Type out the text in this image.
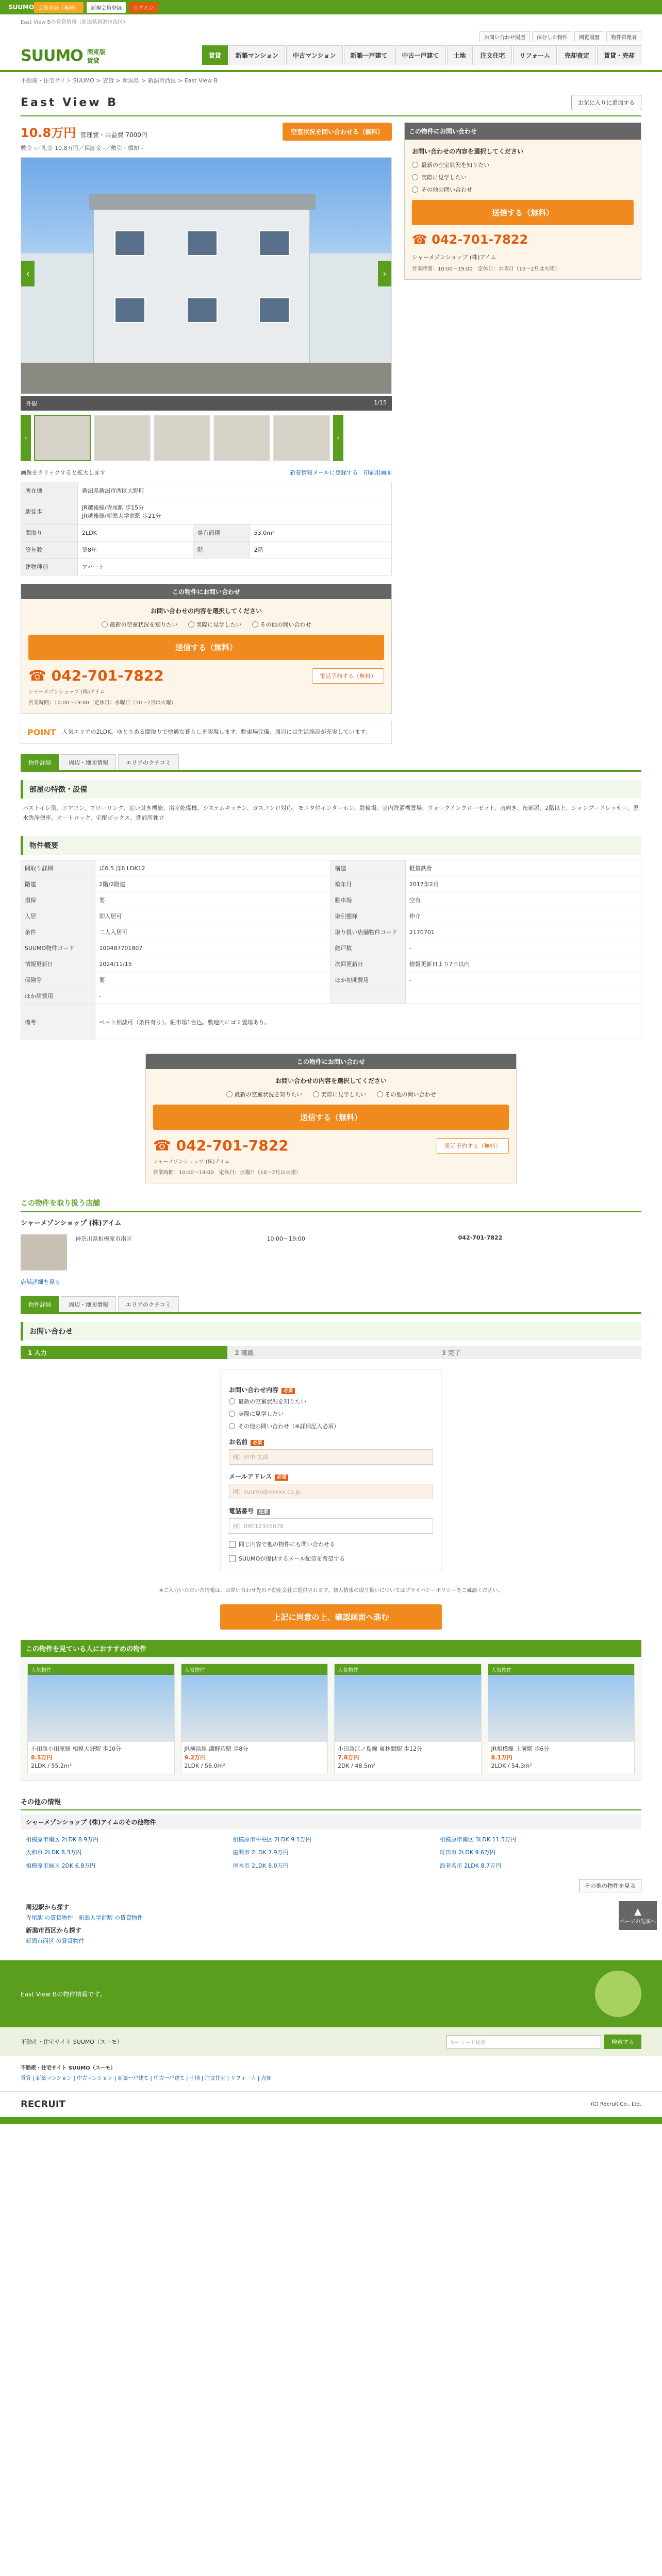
SUUMO 会員登録（無料）	新規会員登録	ログイン
East View Bの賃貸情報（新潟県新潟市西区）
SUUMO 関東版
賃貸
お問い合わせ履歴	保存した物件	閲覧履歴	物件管理者
賃貸	新築マンション	中古マンション	新築一戸建て	中古一戸建て	土地	注文住宅	リフォーム	売却査定	賃貸・売却
不動産・住宅サイト SUUMO > 賃貸 > 新潟県 > 新潟市西区 > East View B
East View B	お気に入りに追加する
10.8万円 管理費・共益費 7000円	空室状況を問い合わせる（無料）
敷金 -／礼金 10.8万円／保証金 -／敷引・償却 -
‹	›
外観	1/15
‹	›
画像をクリックすると拡大します	新着情報メールに登録する　 印刷用画面
所在地	新潟県新潟市西区大野町		
駅徒歩	JR越後線/寺尾駅 歩15分
JR越後線/新潟大学前駅 歩21分		

間取り	2LDK	専有面積	53.0m²
築年数	築8年	階	2階
建物種別	アパート		
この物件にお問い合わせ
お問い合わせの内容を選択してください
最新の空室状況を知りたい	実際に見学したい	その他の問い合わせ
送信する（無料）
☎ 042-701-7822	電話予約する（無料）
シャーメゾンショップ (株)アイム
営業時間：10:00〜19:00　定休日：水曜日（10〜2月は火曜）
POINT 人気エリアの2LDK。ゆとりある間取りで快適な暮らしを実現します。駐車場完備、周辺には生活施設が充実しています。
この物件にお問い合わせ
お問い合わせの内容を選択してください
最新の空室状況を知りたい
実際に見学したい
その他の問い合わせ
送信する（無料）
☎ 042-701-7822
シャーメゾンショップ (株)アイム
営業時間：10:00〜19:00　定休日：水曜日（10〜2月は火曜）
物件詳細	周辺・地図情報	エリアのクチコミ
部屋の特徴・設備
バストイレ別、エアコン、フローリング、追い焚き機能、浴室乾燥機、システムキッチン、ガスコンロ対応、モニタ付インターホン、駐輪場、室内洗濯機置場、ウォークインクローゼット、南向き、角部屋、2階以上、シャンプードレッサー、温水洗浄便座、オートロック、宅配ボックス、洗面所独立
物件概要
間取り詳細	洋6.5 洋6 LDK12	構造	軽量鉄骨
階建	2階/2階建	築年月	2017年2月
損保	要	駐車場	空有
入居	即入居可	取引態様	仲介
条件	二人入居可	取り扱い店舗物件コード	2170701
SUUMO物件コード	100487701807	総戸数	-
情報更新日	2024/11/15	次回更新日	情報更新日より7日以内
保険等	要	ほか初期費用	-
ほか諸費用	-		
備考	ペット相談可（条件有り）。駐車場1台込。敷地内にゴミ置場あり。		
この物件にお問い合わせ
お問い合わせの内容を選択してください
最新の空室状況を知りたい	実際に見学したい	その他の問い合わせ
送信する（無料）
☎ 042-701-7822	電話予約する（無料）
シャーメゾンショップ (株)アイム
営業時間：10:00〜19:00　定休日：水曜日（10〜2月は火曜）
この物件を取り扱う店舗
シャーメゾンショップ (株)アイム
神奈川県相模原市南区	10:00〜19:00	042-701-7822
店舗詳細を見る
物件詳細	周辺・地図情報	エリアのクチコミ
お問い合わせ
1 入力	2 確認	3 完了
お問い合わせ内容 必須
最新の空室状況を知りたい
実際に見学したい
その他の問い合わせ（※詳細記入必須）
お名前 必須
例）田中 太郎
メールアドレス 必須
例）suumo@xxxxx.co.jp
電話番号 任意
例）09012345678
同じ内容で他の物件にも問い合わせる
SUUMOが提供するメール配信を希望する
※ご入力いただいた情報は、お問い合わせ先の不動産会社に提供されます。個人情報の取り扱いについてはプライバシーポリシーをご確認ください。
上記に同意の上、確認画面へ進む
この物件を見ている人におすすめの物件
人気物件
小田急小田原線 相模大野駅 歩10分
8.5万円
2LDK / 55.2m²
人気物件
JR横浜線 淵野辺駅 歩8分
9.2万円
2LDK / 56.0m²
人気物件
小田急江ノ島線 東林間駅 歩12分
7.8万円
2DK / 48.5m²
人気物件
JR相模線 上溝駅 歩6分
8.1万円
2LDK / 54.3m²
その他の情報
シャーメゾンショップ (株)アイムのその他物件
相模原市南区 2LDK 8.9万円	相模原市中央区 2LDK 9.1万円	相模原市南区 3LDK 11.5万円
大和市 2LDK 8.3万円	座間市 2LDK 7.9万円	町田市 2LDK 9.6万円
相模原市緑区 2DK 6.8万円	厚木市 2LDK 8.0万円	海老名市 2LDK 8.7万円
その他の物件を見る
周辺駅から探す
寺尾駅 の賃貸物件　新潟大学前駅 の賃貸物件
新潟市西区から探す
新潟市西区 の賃貸物件
East View Bの物件情報です。
不動産・住宅サイト SUUMO（スーモ）	キーワード検索	検索する
不動産・住宅サイト SUUMO（スーモ）
賃貸 | 新築マンション | 中古マンション | 新築一戸建て | 中古一戸建て | 土地 | 注文住宅 | リフォーム | 売却
RECRUIT	(C) Recruit Co., Ltd.
▲
ページの先頭へ
